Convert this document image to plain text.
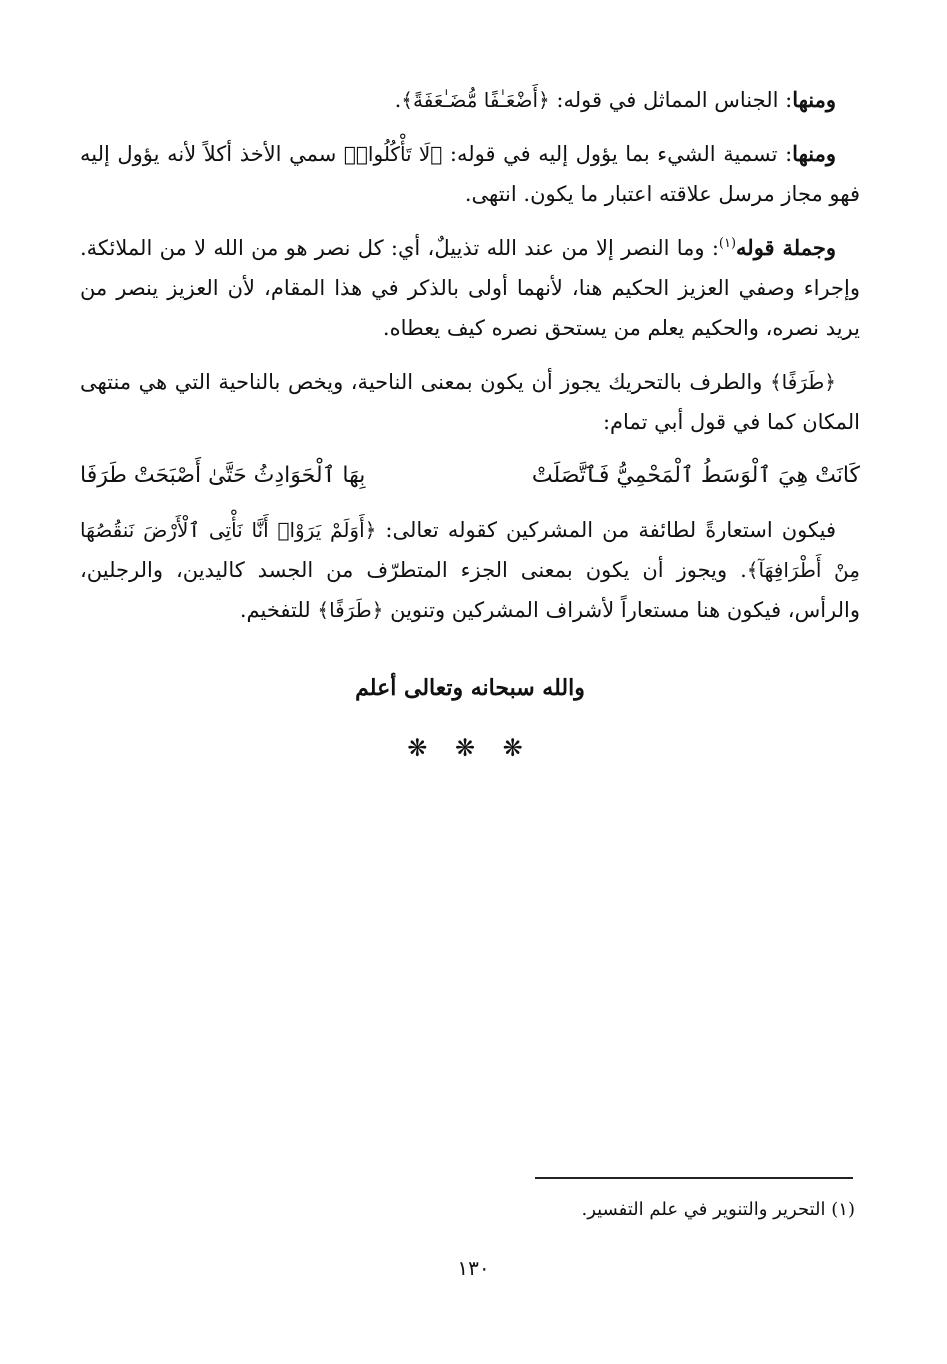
ومنها: الجناس المماثل في قوله: ﴿أَضْعَـٰفًا مُّضَـٰعَفَةً﴾.

ومنها: تسمية الشيء بما يؤول إليه في قوله: ﴿لَا تَأْكُلُوا۟﴾ سمي الأخذ أكلاً لأنه يؤول إليه فهو مجاز مرسل علاقته اعتبار ما يكون. انتهى.

وجملة قوله$^{(١)}$: وما النصر إلا من عند الله تذييلٌ، أي: كل نصر هو من الله لا من الملائكة. وإجراء وصفي العزيز الحكيم هنا، لأنهما أولى بالذكر في هذا المقام، لأن العزيز ينصر من يريد نصره، والحكيم يعلم من يستحق نصره كيف يعطاه.

﴿طَرَفًا﴾ والطرف بالتحريك يجوز أن يكون بمعنى الناحية، ويخص بالناحية التي هي منتهى المكان كما في قول أبي تمام:

كَانَتْ هِيَ ٱلْوَسَطُ ٱلْمَحْمِيُّ فَٱتَّصَلَتْ
بِهَا ٱلْحَوَادِثُ حَتَّىٰ أَصْبَحَتْ طَرَفَا

فيكون استعارةً لطائفة من المشركين كقوله تعالى: ﴿أَوَلَمْ يَرَوْا۟ أَنَّا نَأْتِى ٱلْأَرْضَ نَنقُصُهَا مِنْ أَطْرَافِهَآ﴾. ويجوز أن يكون بمعنى الجزء المتطرّف من الجسد كاليدين، والرجلين، والرأس، فيكون هنا مستعاراً لأشراف المشركين وتنوين ﴿طَرَفًا﴾ للتفخيم.

والله سبحانه وتعالى أعلم
❋ ❋ ❋
(١) التحرير والتنوير في علم التفسير.
١٣٠
